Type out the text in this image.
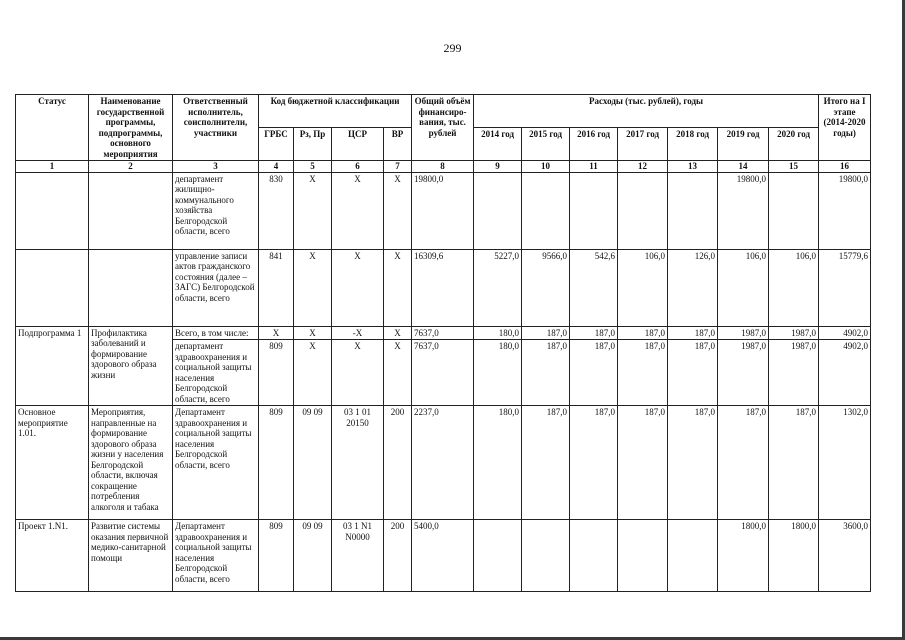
299
Статус	Наименование государственной программы, подпрограммы, основного мероприятия	Ответственный исполнитель, соисполнители, участники	Код бюджетной классификации				Общий объём финансиро-вания, тыс. рублей	Расходы (тыс. рублей), годы							Итого на I этапе (2014-2020 годы)
			ГРБС	Рз, Пр	ЦСР	ВР		2014 год	2015 год	2016 год	2017 год	2018 год	2019 год	2020 год	
1	2	3	4	5	6	7	8	9	10	11	12	13	14	15	16
		департамент жилищно-коммунального хозяйства Белгородской области, всего	830	Х	Х	Х	19800,0						19800,0		19800,0
		управление записи актов гражданского состояния (далее – ЗАГС) Белгородской области, всего	841	Х	Х	Х	16309,6	5227,0	9566,0	542,6	106,0	126,0	106,0	106,0	15779,6
Подпрограмма 1	Профилактика заболеваний и формирование здорового образа жизни	Всего, в том числе:	Х	Х	-Х	Х	7637,0	180,0	187,0	187,0	187,0	187,0	1987,0	1987,0	4902,0
		департамент здравоохранения и социальной защиты населения Белгородской области, всего	809	Х	Х	Х	7637,0	180,0	187,0	187,0	187,0	187,0	1987,0	1987,0	4902,0
Основное мероприятие 1.01.	Мероприятия, направленные на формирование здорового образа жизни у населения Белгородской области, включая сокращение потребления алкоголя и табака	Департамент здравоохранения и социальной защиты населения Белгородской области, всего	809	09 09	03 1 01 20150	200	2237,0	180,0	187,0	187,0	187,0	187,0	187,0	187,0	1302,0
Проект 1.N1.	Развитие системы оказания первичной медико-санитарной помощи	Департамент здравоохранения и социальной защиты населения Белгородской области, всего	809	09 09	03 1 N1 N0000	200	5400,0						1800,0	1800,0	3600,0
